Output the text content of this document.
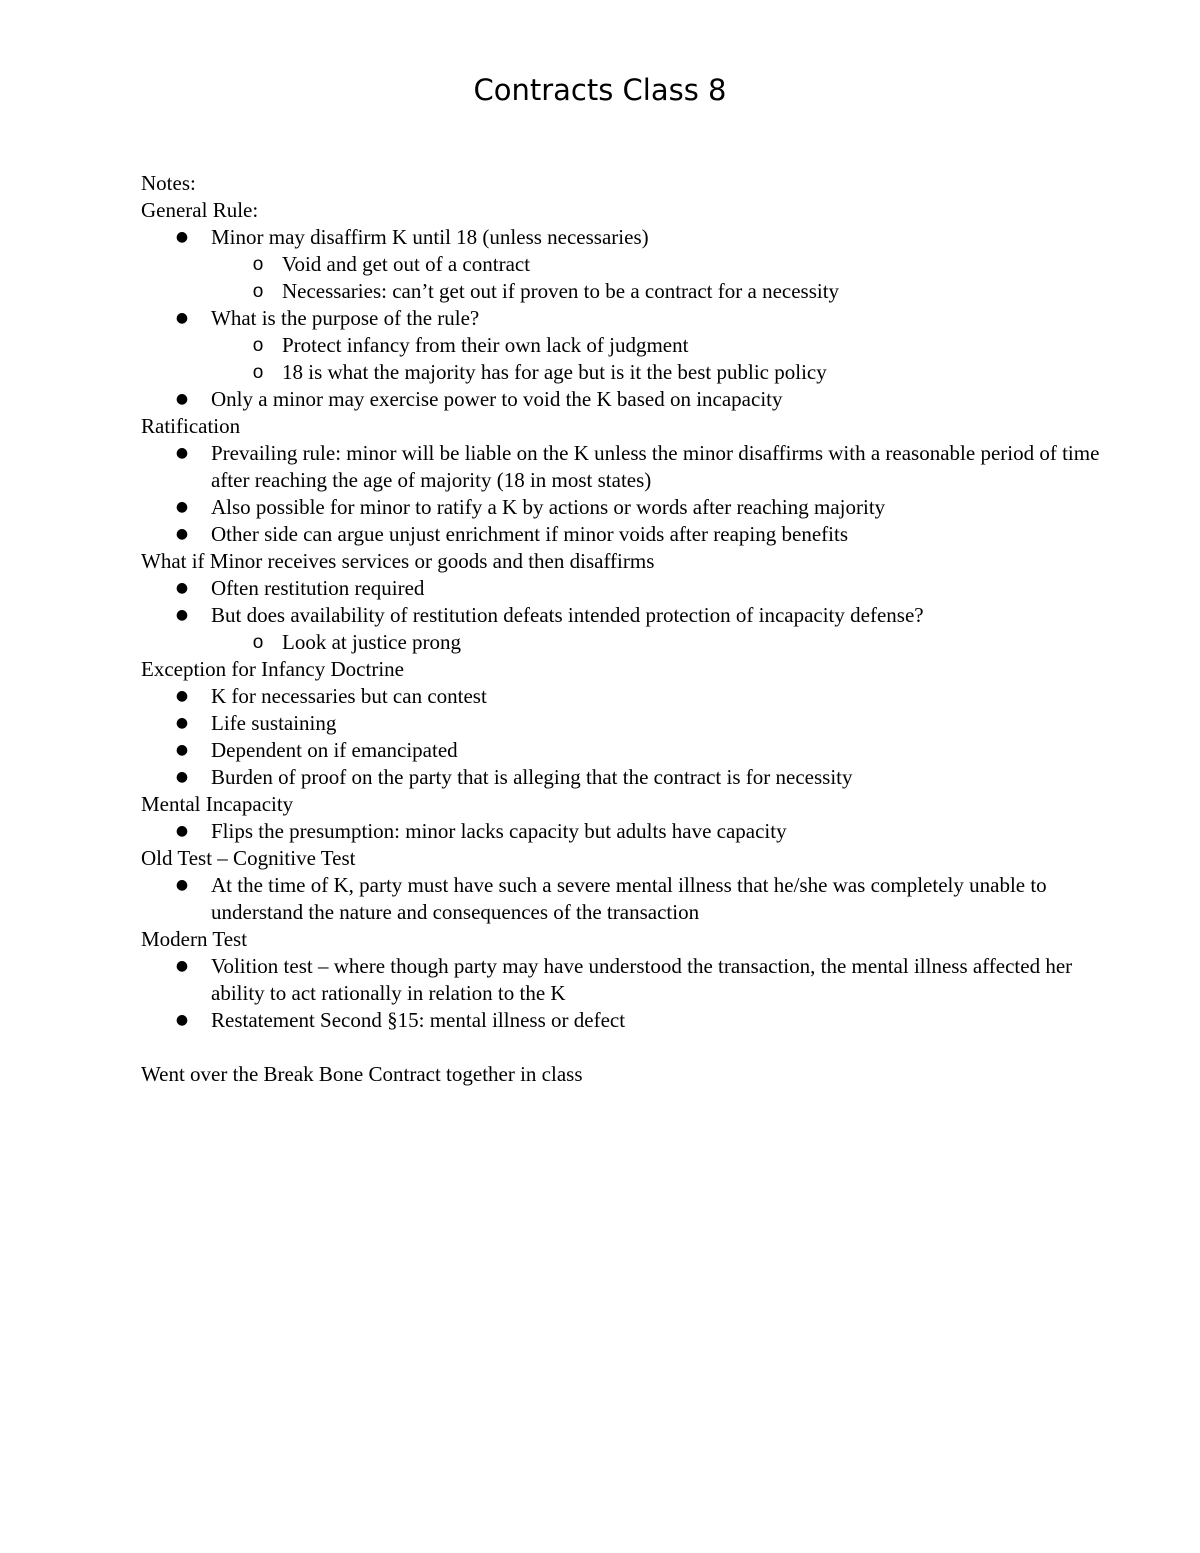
Contracts Class 8
Notes:
General Rule:
● Minor may disaffirm K until 18 (unless necessaries)
o Void and get out of a contract
o Necessaries: can’t get out if proven to be a contract for a necessity
● What is the purpose of the rule?
o Protect infancy from their own lack of judgment
o 18 is what the majority has for age but is it the best public policy
● Only a minor may exercise power to void the K based on incapacity
Ratification
● Prevailing rule: minor will be liable on the K unless the minor disaffirms with a reasonable period of time after reaching the age of majority (18 in most states)
● Also possible for minor to ratify a K by actions or words after reaching majority
● Other side can argue unjust enrichment if minor voids after reaping benefits
What if Minor receives services or goods and then disaffirms
● Often restitution required
● But does availability of restitution defeats intended protection of incapacity defense?
o Look at justice prong
Exception for Infancy Doctrine
● K for necessaries but can contest
● Life sustaining
● Dependent on if emancipated
● Burden of proof on the party that is alleging that the contract is for necessity
Mental Incapacity
● Flips the presumption: minor lacks capacity but adults have capacity
Old Test – Cognitive Test
● At the time of K, party must have such a severe mental illness that he/she was completely unable to understand the nature and consequences of the transaction
Modern Test
● Volition test – where though party may have understood the transaction, the mental illness affected her ability to act rationally in relation to the K
● Restatement Second §15: mental illness or defect
Went over the Break Bone Contract together in class
